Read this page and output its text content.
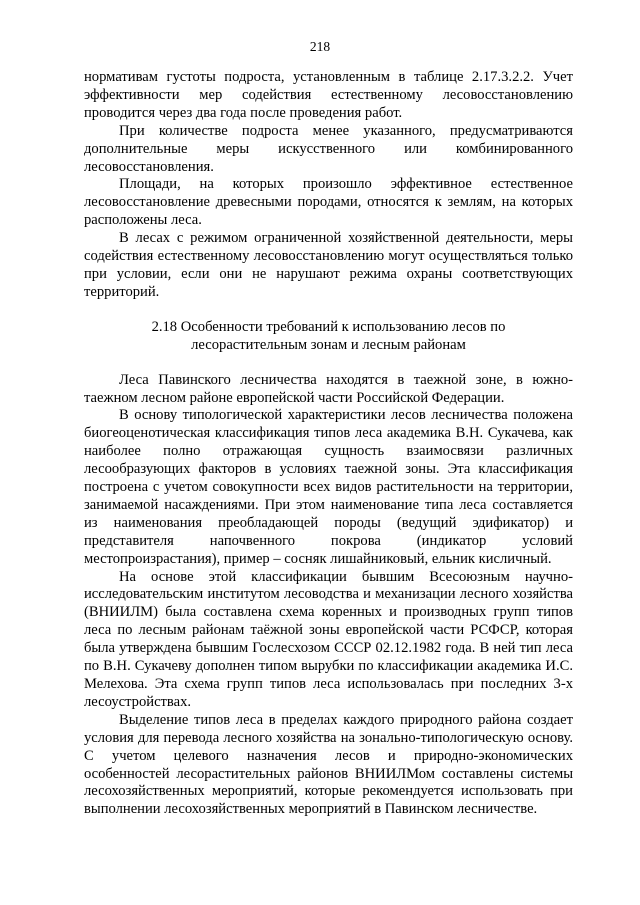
218

нормативам густоты подроста, установленным в таблице 2.17.3.2.2. Учет эффективности мер содействия естественному лесовосстановлению проводится через два года после проведения работ.

При количестве подроста менее указанного, предусматриваются дополнительные меры искусственного или комбинированного лесовосстановления.

Площади, на которых произошло эффективное естественное лесовосстановление древесными породами, относятся к землям, на которых расположены леса.

В лесах с режимом ограниченной хозяйственной деятельности, меры содействия естественному лесовосстановлению могут осуществляться только при условии, если они не нарушают режима охраны соответствующих территорий.

2.18 Особенности требований к использованию лесов по
лесорастительным зонам и лесным районам

Леса Павинского лесничества находятся в таежной зоне, в южно-таежном лесном районе европейской части Российской Федерации.

В основу типологической характеристики лесов лесничества положена биогеоценотическая классификация типов леса академика В.Н. Сукачева, как наиболее полно отражающая сущность взаимосвязи различных лесообразующих факторов в условиях таежной зоны. Эта классификация построена с учетом совокупности всех видов растительности на территории, занимаемой насаждениями. При этом наименование типа леса составляется из наименования преобладающей породы (ведущий эдификатор) и представителя напочвенного покрова (индикатор условий местопроизрастания), пример – сосняк лишайниковый, ельник кисличный.

На основе этой классификации бывшим Всесоюзным научно-исследовательским институтом лесоводства и механизации лесного хозяйства (ВНИИЛМ) была составлена схема коренных и производных групп типов леса по лесным районам таёжной зоны европейской части РСФСР, которая была утверждена бывшим Гослесхозом СССР 02.12.1982 года. В ней тип леса по В.Н. Сукачеву дополнен типом вырубки по классификации академика И.С. Мелехова. Эта схема групп типов леса использовалась при последних 3-х лесоустройствах.

Выделение типов леса в пределах каждого природного района создает условия для перевода лесного хозяйства на зонально-типологическую основу. С учетом целевого назначения лесов и природно-экономических особенностей лесорастительных районов ВНИИЛМом составлены системы лесохозяйственных мероприятий, которые рекомендуется использовать при выполнении лесохозяйственных мероприятий в Павинском лесничестве.
